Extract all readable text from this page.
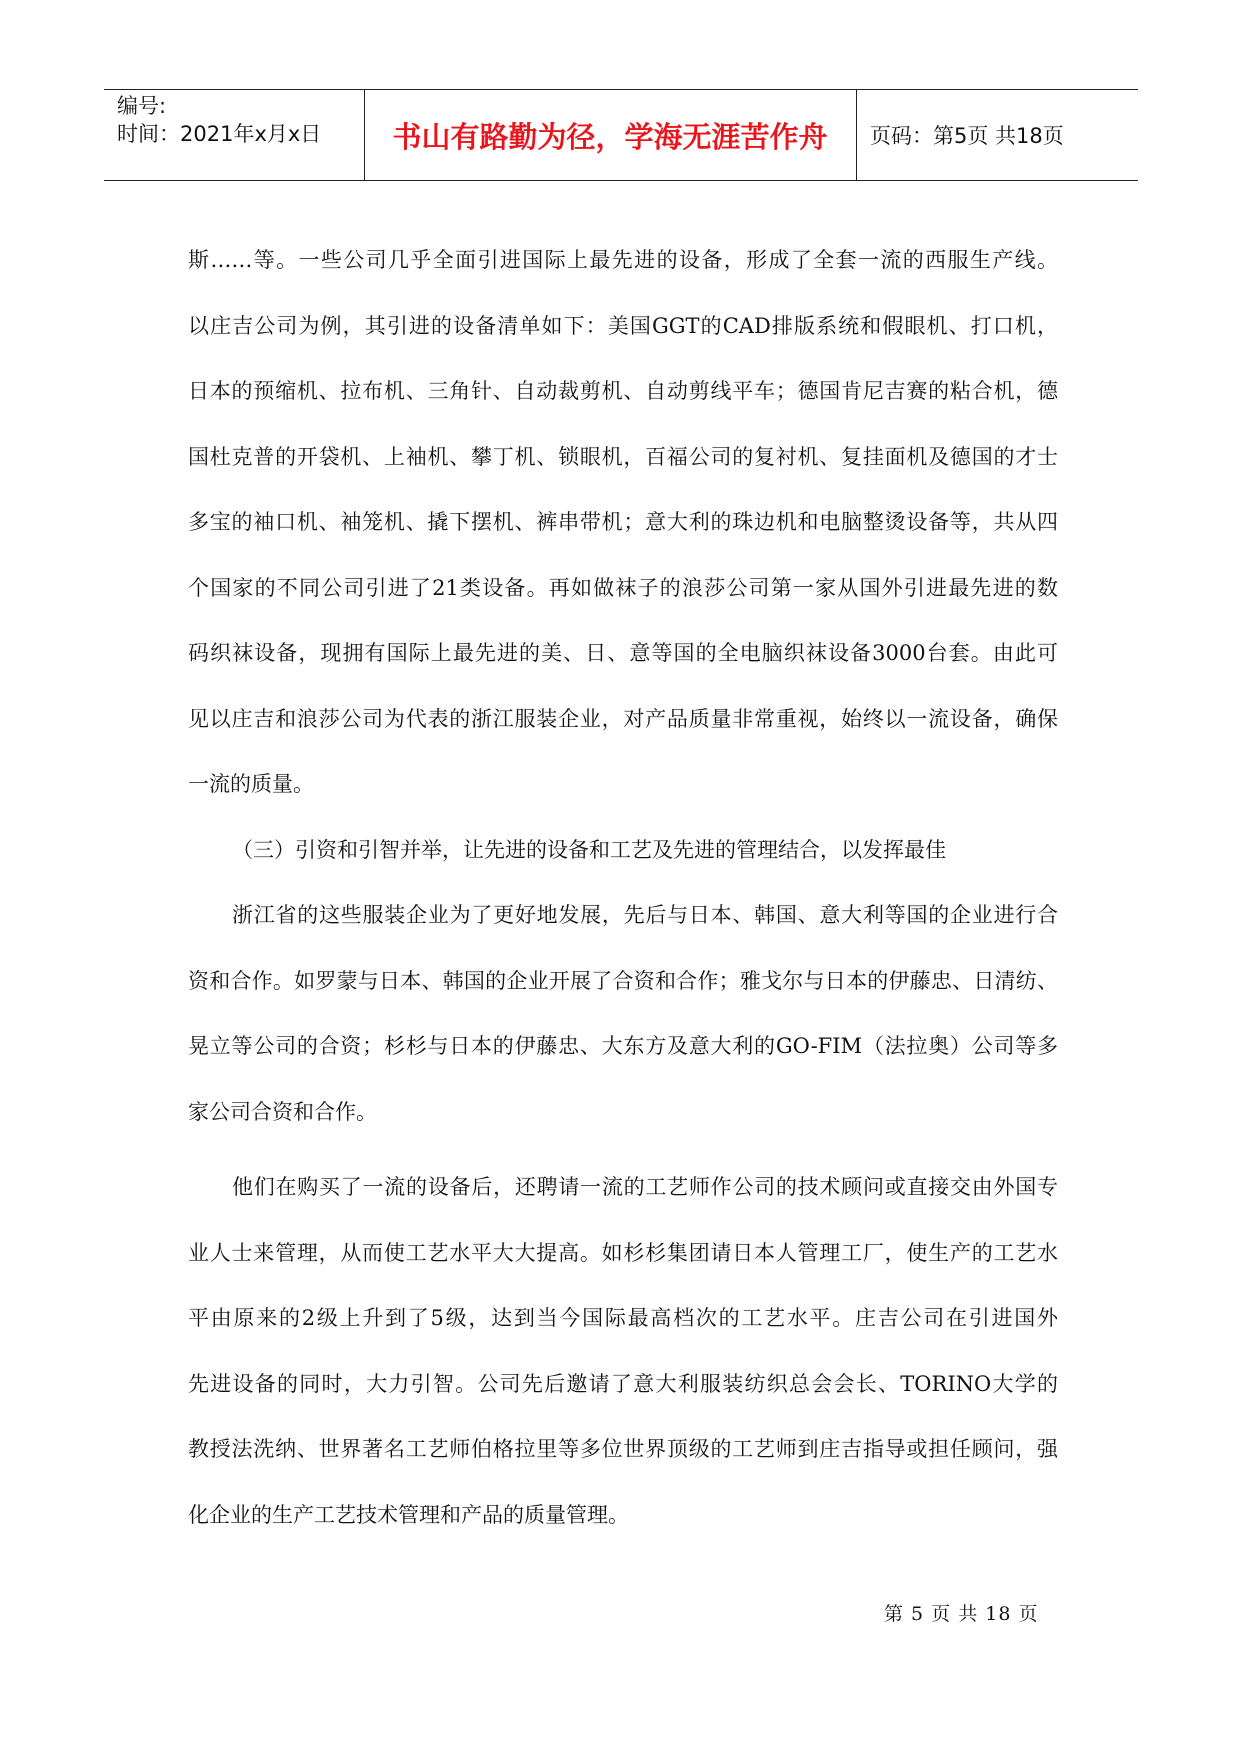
编号:
时间：2021年x月x日	书山有路勤为径，学海无涯苦作舟	页码：第5页 共18页
斯……等。一些公司几乎全面引进国际上最先进的设备，形成了全套一流的西服生产线。
以庄吉公司为例，其引进的设备清单如下：美国GGT的CAD排版系统和假眼机、打口机，
日本的预缩机、拉布机、三角针、自动裁剪机、自动剪线平车；德国肯尼吉赛的粘合机，德
国杜克普的开袋机、上袖机、攀丁机、锁眼机，百福公司的复衬机、复挂面机及德国的才士
多宝的袖口机、袖笼机、撬下摆机、裤串带机；意大利的珠边机和电脑整烫设备等，共从四
个国家的不同公司引进了21类设备。再如做袜子的浪莎公司第一家从国外引进最先进的数
码织袜设备，现拥有国际上最先进的美、日、意等国的全电脑织袜设备3000台套。由此可
见以庄吉和浪莎公司为代表的浙江服装企业，对产品质量非常重视，始终以一流设备，确保
一流的质量。
（三）引资和引智并举，让先进的设备和工艺及先进的管理结合，以发挥最佳
浙江省的这些服装企业为了更好地发展，先后与日本、韩国、意大利等国的企业进行合
资和合作。如罗蒙与日本、韩国的企业开展了合资和合作；雅戈尔与日本的伊藤忠、日清纺、
晃立等公司的合资；杉杉与日本的伊藤忠、大东方及意大利的GO-FIM（法拉奥）公司等多
家公司合资和合作。
他们在购买了一流的设备后，还聘请一流的工艺师作公司的技术顾问或直接交由外国专
业人士来管理，从而使工艺水平大大提高。如杉杉集团请日本人管理工厂，使生产的工艺水
平由原来的2级上升到了5级，达到当今国际最高档次的工艺水平。庄吉公司在引进国外
先进设备的同时，大力引智。公司先后邀请了意大利服装纺织总会会长、TORINO大学的
教授法洗纳、世界著名工艺师伯格拉里等多位世界顶级的工艺师到庄吉指导或担任顾问，强
化企业的生产工艺技术管理和产品的质量管理。
第 5 页 共 18 页
